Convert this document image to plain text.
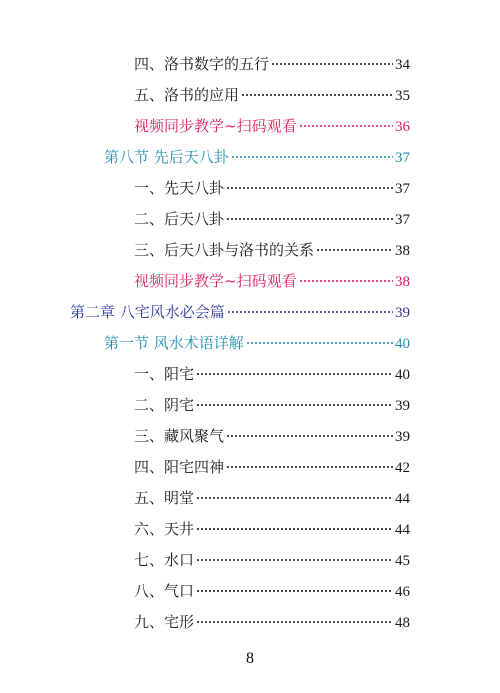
四、洛书数字的五行	34
五、洛书的应用	35
视频同步教学~扫码观看	36
第八节 先后天八卦	37
一、先天八卦	37
二、后天八卦	37
三、后天八卦与洛书的关系	38
视频同步教学~扫码观看	38
第二章 八宅风水必会篇	39
第一节 风水术语详解	40
一、阳宅	40
二、阴宅	39
三、藏风聚气	39
四、阳宅四神	42
五、明堂	44
六、天井	44
七、水口	45
八、气口	46
九、宅形	48
8
